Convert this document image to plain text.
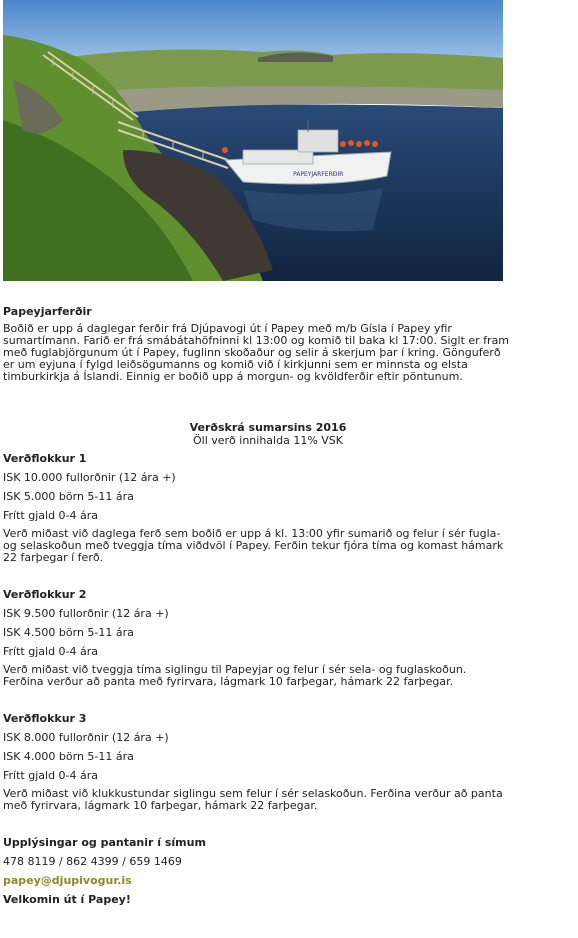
PAPEYJARFERÐIR
Papeyjarferðir
Boðið er upp á daglegar ferðir frá Djúpavogi út í Papey með m/b Gísla í Papey yfir
sumartímann. Farið er frá smábátahöfninni kl 13:00 og komið til baka kl 17:00. Siglt er fram
með fuglabjörgunum út í Papey, fuglinn skoðaður og selir á skerjum þar í kring. Gönguferð
er um eyjuna í fylgd leiðsögumanns og komið við í kirkjunni sem er minnsta og elsta
timburkirkja á Íslandi. Einnig er boðið upp á morgun- og kvöldferðir eftir pöntunum.
Verðskrá sumarsins 2016
Öll verð innihalda 11% VSK
Verðflokkur 1
ISK 10.000 fullorðnir (12 ára +)
ISK 5.000 börn 5-11 ára
Frítt gjald 0-4 ára
Verð miðast við daglega ferð sem boðið er upp á kl. 13:00 yfir sumarið og felur í sér fugla-
og selaskoðun með tveggja tíma viðdvöl í Papey. Ferðin tekur fjóra tíma og komast hámark
22 farþegar í ferð.
Verðflokkur 2
ISK 9.500 fullorðnir (12 ára +)
ISK 4.500 börn 5-11 ára
Frítt gjald 0-4 ára
Verð miðast við tveggja tíma siglingu til Papeyjar og felur í sér sela- og fuglaskoðun.
Ferðina verður að panta með fyrirvara, lágmark 10 farþegar, hámark 22 farþegar.
Verðflokkur 3
ISK 8.000 fullorðnir (12 ára +)
ISK 4.000 börn 5-11 ára
Frítt gjald 0-4 ára
Verð miðast við klukkustundar siglingu sem felur í sér selaskoðun. Ferðina verður að panta
með fyrirvara, lágmark 10 farþegar, hámark 22 farþegar.
Upplýsingar og pantanir í símum
478 8119 / 862 4399 / 659 1469
papey@djupivogur.is
Velkomin út í Papey!
